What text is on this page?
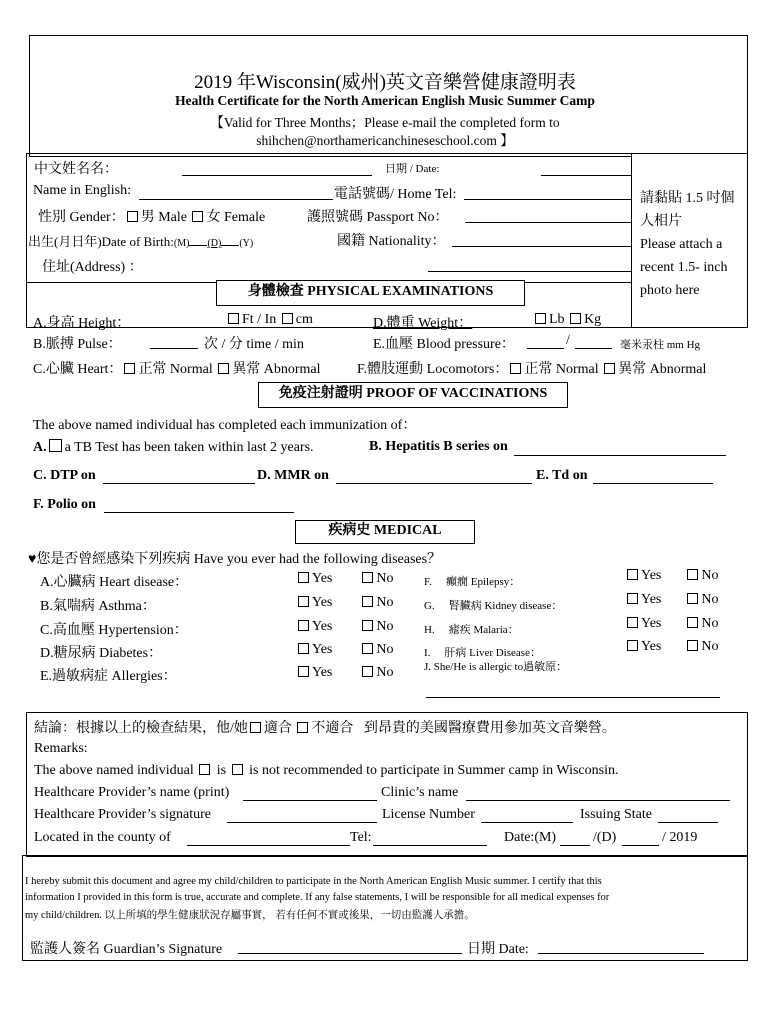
2019 年Wisconsin(威州)英文音樂營健康證明表
Health Certificate for the North American English Music Summer Camp
【Valid for Three Months；Please e-mail the completed form to
shihchen@northamericanchineseschool.com 】
請黏貼 1.5 吋個人相片
Please attach a recent 1.5- inch photo here
中文姓名名：	日期 / Date:
Name in English:	電話號碼/ Home Tel:
性別 Gender： 男 Male 女 Female	護照號碼 Passport No：
出生(月日年)Date of Birth:(M) (D) (Y)	國籍 Nationality：
住址(Address) ：
身體檢查 PHYSICAL EXAMINATIONS
A.身高 Height：	Ft / In cm	D.體重 Weight：	Lb Kg
B.脈搏 Pulse：	次 / 分 time / min	E.血壓 Blood pressure：	/	毫米汞柱 mm Hg
C.心臟 Heart： 正常 Normal 異常 Abnormal	F.體肢運動 Locomotors： 正常 Normal 異常 Abnormal
免疫注射證明 PROOF OF VACCINATIONS
The above named individual has completed each immunization of：
A. a TB Test has been taken within last 2 years.	B. Hepatitis B series on
C. DTP on	D. MMR on	E. Td on
F. Polio on
疾病史 MEDICAL
♥您是否曾經感染下列疾病 Have you ever had the following diseases？
A.心臟病 Heart disease：	Yes	No
B.氣喘病 Asthma：	Yes	No
C.高血壓 Hypertension：	Yes	No
D.糖尿病 Diabetes：	Yes	No
E.過敏病症 Allergies：	Yes	No
F. 癲癇 Epilepsy：	Yes	No
G. 腎臟病 Kidney disease：	Yes	No
H. 瘧疾 Malaria：	Yes	No
I. 肝病 Liver Disease：	Yes	No
J. She/He is allergic to過敏原：
結論：根據以上的檢查結果，他/她 適合 不適合 到昂貴的美國醫療費用參加英文音樂營。
Remarks:
The above named individual is is not recommended to participate in Summer camp in Wisconsin.
Healthcare Provider’s name (print)	Clinic’s name
Healthcare Provider’s signature	License Number	Issuing State
Located in the county of	Tel:	Date:(M)	/(D)	/ 2019
I hereby submit this document and agree my child/children to participate in the North American English Music summer. I certify that this
information I provided in this form is true, accurate and complete. If any false statements, I will be responsible for all medical expenses for
my child/children. 以上所填的學生健康狀況存屬事實， 若有任何不實或後果，一切由監護人承擔。
監護人簽名 Guardian’s Signature	日期 Date:
